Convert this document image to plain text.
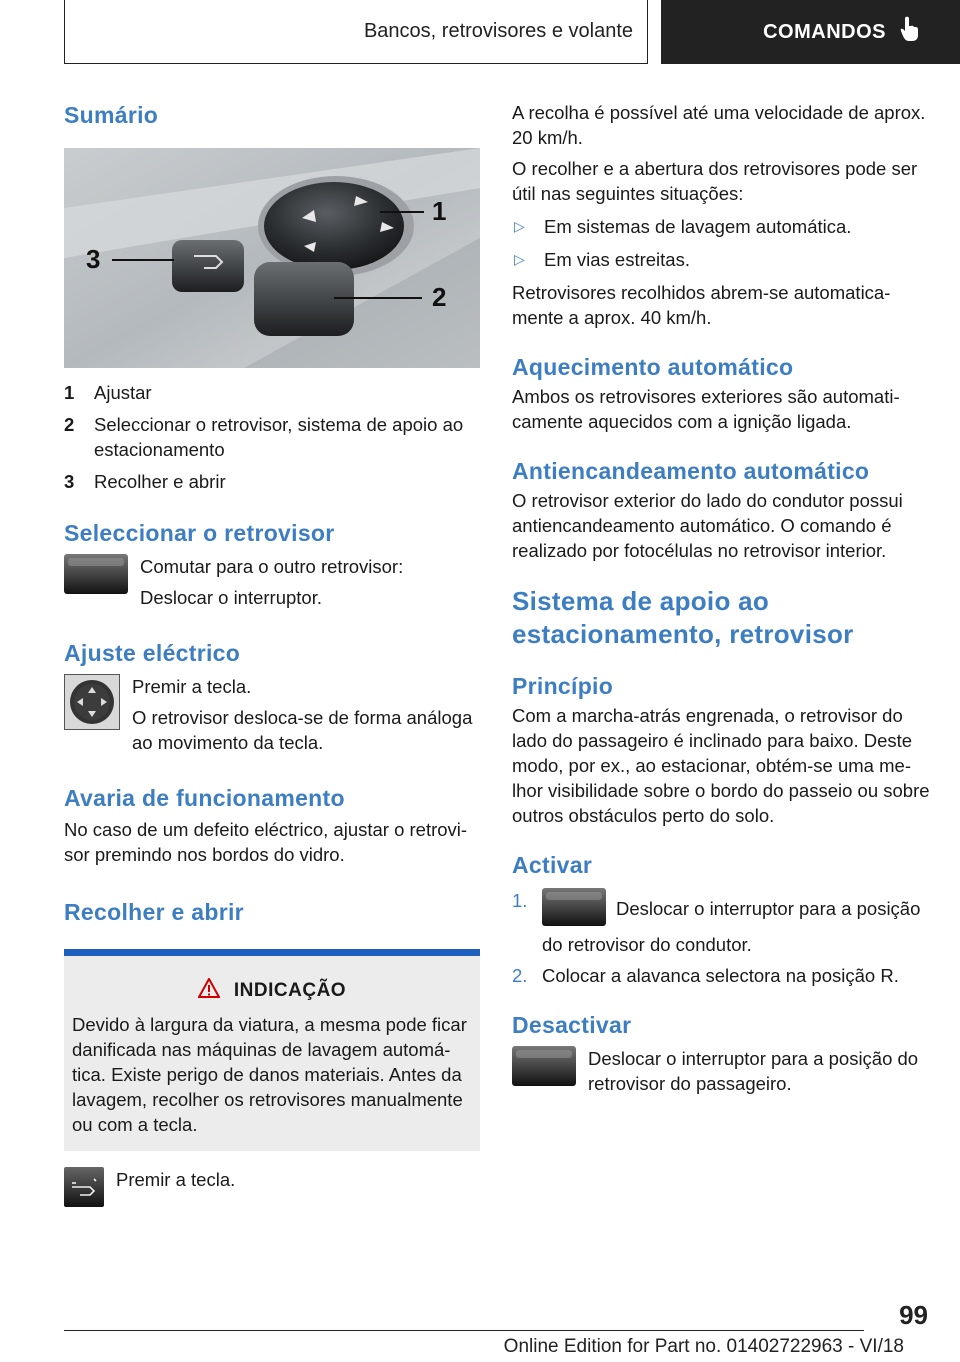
Bancos, retrovisores e volante	COMANDOS
Sumário
1
2
3
1	Ajustar
2	Seleccionar o retrovisor, sistema de apoio ao estacionamento
3	Recolher e abrir
Seleccionar o retrovisor

Comutar para o outro retrovisor:

Deslocar o interruptor.

Ajuste eléctrico

Premir a tecla.

O retrovisor desloca-se de forma análoga ao movimento da tecla.

Avaria de funcionamento

No caso de um defeito eléctrico, ajustar o retrovisor premindo nos bordos do vidro.

Recolher e abrir
INDICAÇÃO

Devido à largura da viatura, a mesma pode ficar danificada nas máquinas de lavagem automática. Existe perigo de danos materiais. Antes da lavagem, recolher os retrovisores manualmente ou com a tecla.

Premir a tecla.

A recolha é possível até uma velocidade de aprox. 20 km/h.

O recolher e a abertura dos retrovisores pode ser útil nas seguintes situações:

▷	Em sistemas de lavagem automática.
▷	Em vias estreitas.

Retrovisores recolhidos abrem-se automaticamente a aprox. 40 km/h.

Aquecimento automático

Ambos os retrovisores exteriores são automaticamente aquecidos com a ignição ligada.

Antiencandeamento automático

O retrovisor exterior do lado do condutor possui antiencandeamento automático. O comando é realizado por fotocélulas no retrovisor interior.

Sistema de apoio ao estacionamento, retrovisor
Princípio

Com a marcha-atrás engrenada, o retrovisor do lado do passageiro é inclinado para baixo. Deste modo, por ex., ao estacionar, obtém-se uma melhor visibilidade sobre o bordo do passeio ou sobre outros obstáculos perto do solo.

Activar
1.	Deslocar o interruptor para a posição do retrovisor do condutor.
2. Colocar a alavanca selectora na posição R.
Desactivar

Deslocar o interruptor para a posição do retrovisor do passageiro.

99
Online Edition for Part no. 01402722963 - VI/18
